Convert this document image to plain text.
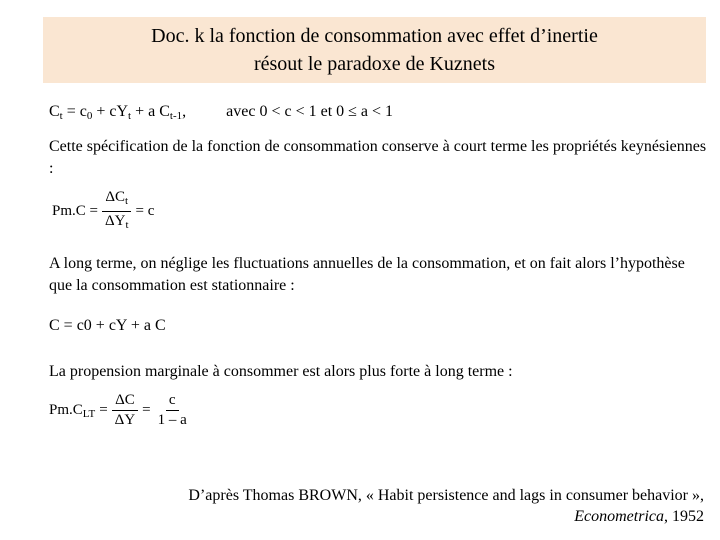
Doc. k la fonction de consommation avec effet d’inertie
résout le paradoxe de Kuznets
$C_t = c_0 + cY_t + a$ $C_{t-1}$,	avec 0 < c < 1 et 0 ≤ a < 1
Cette spécification de la fonction de consommation conserve à court terme les propriétés keynésiennes :
$Pm.C = \frac{\Delta C_t}{\Delta Y_t} = c$
A long terme, on néglige les fluctuations annuelles de la consommation, et on fait alors l’hypothèse que la consommation est stationnaire :
C = c0 + cY + a C
La propension marginale à consommer est alors plus forte à long terme :
$Pm.C_{LT} = \frac{\Delta C}{\Delta Y} = \frac{c}{1 - a}$
D’après Thomas BROWN, « Habit persistence and lags in consumer behavior »,
Econometrica, 1952
